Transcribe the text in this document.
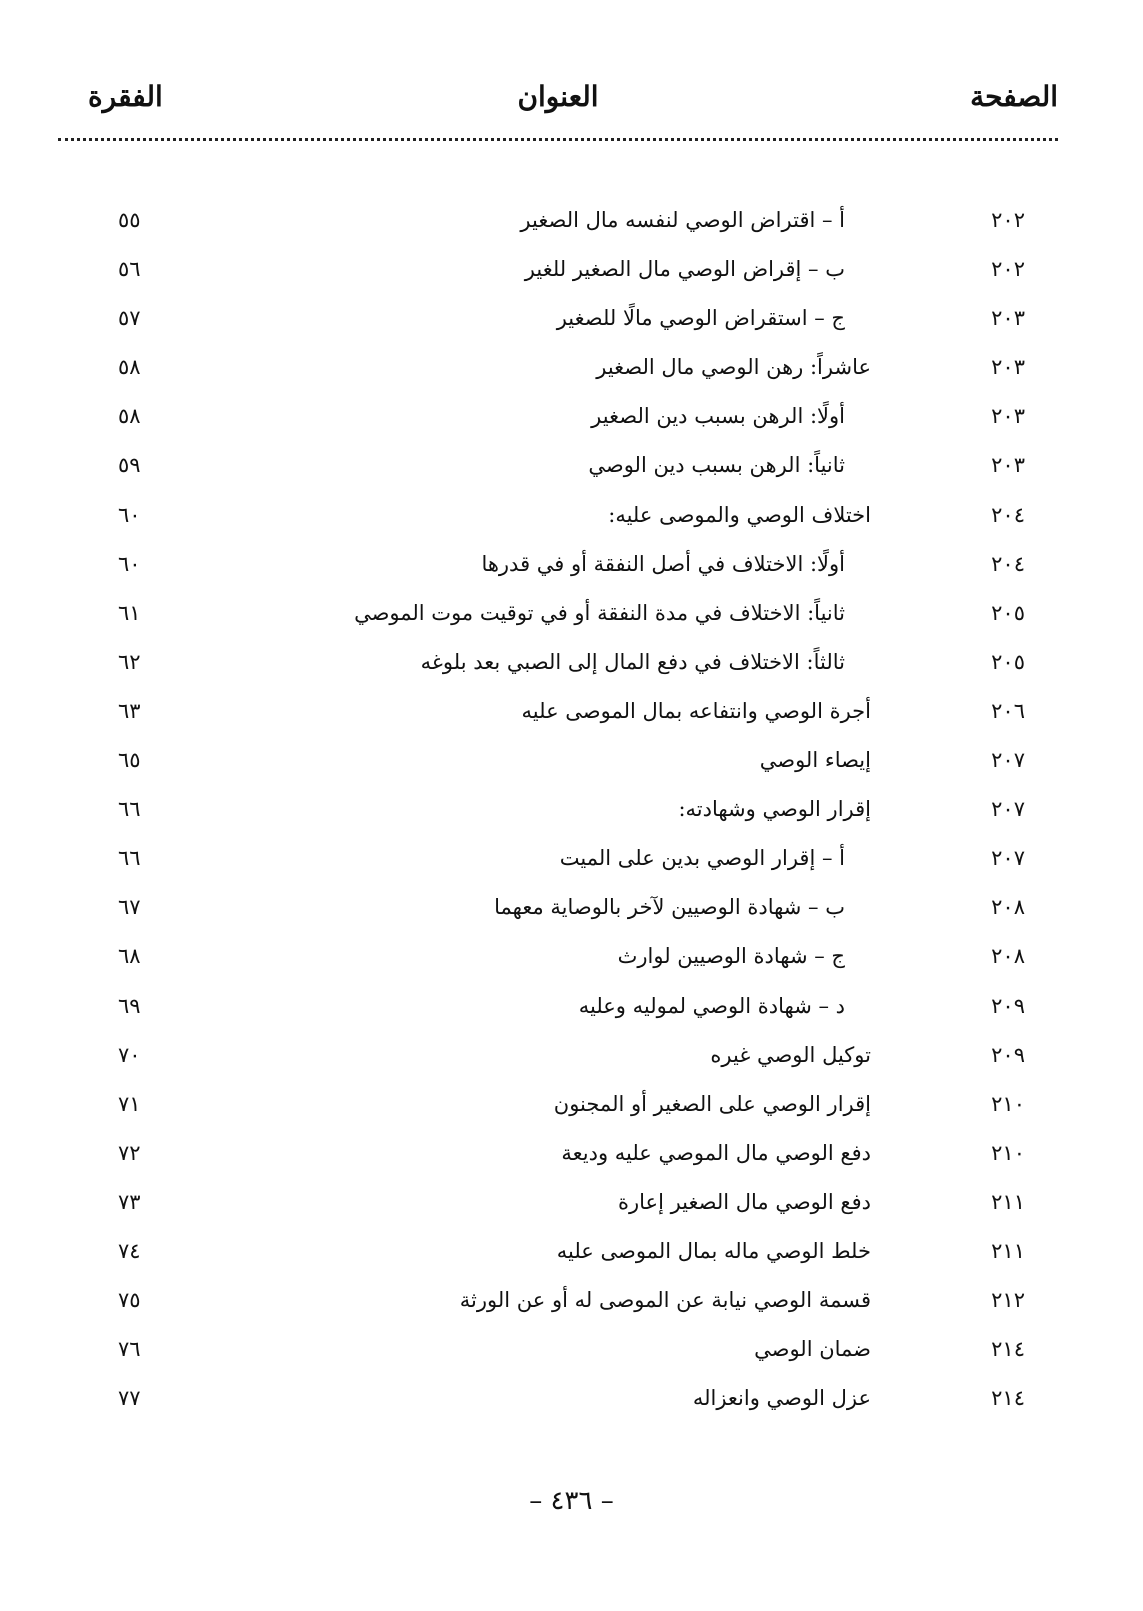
الصفحة
العنوان
الفقرة
٢٠٢
أ – اقتراض الوصي لنفسه مال الصغير
٥٥
٢٠٢
ب – إقراض الوصي مال الصغير للغير
٥٦
٢٠٣
ج – استقراض الوصي مالًا للصغير
٥٧
٢٠٣
عاشراً: رهن الوصي مال الصغير
٥٨
٢٠٣
أولًا: الرهن بسبب دين الصغير
٥٨
٢٠٣
ثانياً: الرهن بسبب دين الوصي
٥٩
٢٠٤
اختلاف الوصي والموصى عليه:
٦٠
٢٠٤
أولًا: الاختلاف في أصل النفقة أو في قدرها
٦٠
٢٠٥
ثانياً: الاختلاف في مدة النفقة أو في توقيت موت الموصي
٦١
٢٠٥
ثالثاً: الاختلاف في دفع المال إلى الصبي بعد بلوغه
٦٢
٢٠٦
أجرة الوصي وانتفاعه بمال الموصى عليه
٦٣
٢٠٧
إيصاء الوصي
٦٥
٢٠٧
إقرار الوصي وشهادته:
٦٦
٢٠٧
أ – إقرار الوصي بدين على الميت
٦٦
٢٠٨
ب – شهادة الوصيين لآخر بالوصاية معهما
٦٧
٢٠٨
ج – شهادة الوصيين لوارث
٦٨
٢٠٩
د – شهادة الوصي لموليه وعليه
٦٩
٢٠٩
توكيل الوصي غيره
٧٠
٢١٠
إقرار الوصي على الصغير أو المجنون
٧١
٢١٠
دفع الوصي مال الموصي عليه وديعة
٧٢
٢١١
دفع الوصي مال الصغير إعارة
٧٣
٢١١
خلط الوصي ماله بمال الموصى عليه
٧٤
٢١٢
قسمة الوصي نيابة عن الموصى له أو عن الورثة
٧٥
٢١٤
ضمان الوصي
٧٦
٢١٤
عزل الوصي وانعزاله
٧٧
– ٤٣٦ –
